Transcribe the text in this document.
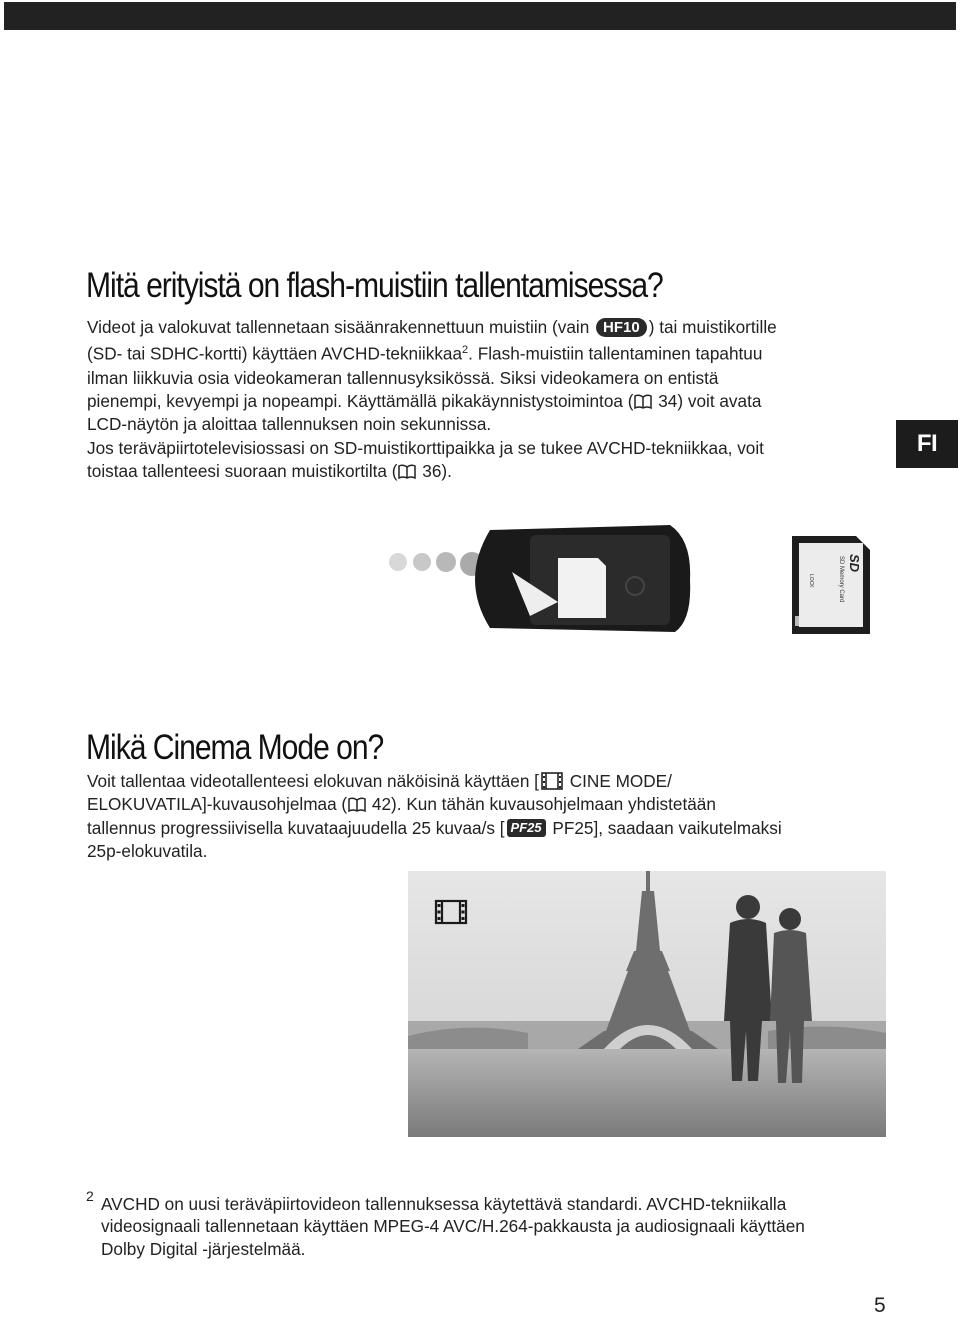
Mitä erityistä on flash-muistiin tallentamisessa?
Videot ja valokuvat tallennetaan sisäänrakennettuun muistiin (vain HF10 ) tai muistikortille
(SD- tai SDHC-kortti) käyttäen AVCHD-tekniikkaa$^2$. Flash-muistiin tallentaminen tapahtuu
ilman liikkuvia osia videokameran tallennusyksikössä. Siksi videokamera on entistä
pienempi, kevyempi ja nopeampi. Käyttämällä pikakäynnistystoimintoa ( 34) voit avata
LCD-näytön ja aloittaa tallennuksen noin sekunnissa.
Jos teräväpiirtotelevisiossasi on SD-muistikorttipaikka ja se tukee AVCHD-tekniikkaa, voit
toistaa tallenteesi suoraan muistikortilta ( 36).
FI
SD
SD Memory Card
LOCK
Mikä Cinema Mode on?
Voit tallentaa videotallenteesi elokuvan näköisinä käyttäen [ CINE MODE/
ELOKUVATILA]-kuvausohjelmaa ( 42). Kun tähän kuvausohjelmaan yhdistetään
tallennus progressiivisella kuvataajuudella 25 kuvaa/s [ PF25 PF25], saadaan vaikutelmaksi
25p-elokuvatila.
2 AVCHD on uusi teräväpiirtovideon tallennuksessa käytettävä standardi. AVCHD-tekniikalla
videosignaali tallennetaan käyttäen MPEG-4 AVC/H.264-pakkausta ja audiosignaali käyttäen
Dolby Digital -järjestelmää.
5
